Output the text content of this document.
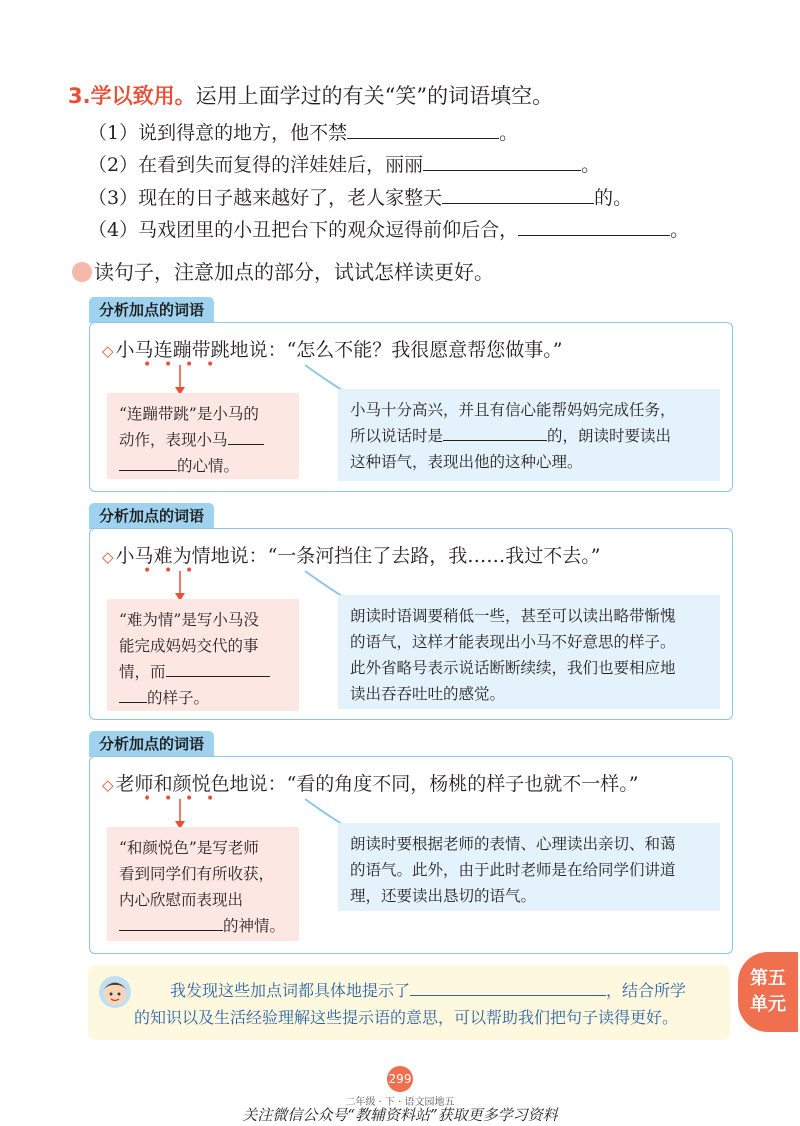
3.学以致用。运用上面学过的有关“笑”的词语填空。
（1）说到得意的地方，他不禁	。
（2）在看到失而复得的洋娃娃后，丽丽	。
（3）现在的日子越来越好了，老人家整天	的。
（4）马戏团里的小丑把台下的观众逗得前仰后合，	。
读句子，注意加点的部分，试试怎样读更好。
分析加点的词语
◇ 小马连蹦带跳地说：“怎么不能？我很愿意帮您做事。”
• • • •
“连蹦带跳”是小马的
动作，表现小马
的心情。
小马十分高兴，并且有信心能帮妈妈完成任务，
所以说话时是	的，朗读时要读出
这种语气，表现出他的这种心理。
分析加点的词语
◇ 小马难为情地说：“一条河挡住了去路，我……我过不去。”
• • •
“难为情”是写小马没
能完成妈妈交代的事
情，而
的样子。
朗读时语调要稍低一些，甚至可以读出略带惭愧
的语气，这样才能表现出小马不好意思的样子。
此外省略号表示说话断断续续，我们也要相应地
读出吞吞吐吐的感觉。
分析加点的词语
◇ 老师和颜悦色地说：“看的角度不同，杨桃的样子也就不一样。”
• • • •
“和颜悦色”是写老师
看到同学们有所收获，
内心欣慰而表现出
的神情。
朗读时要根据老师的表情、心理读出亲切、和蔼
的语气。此外，由于此时老师是在给同学们讲道
理，还要读出恳切的语气。
我发现这些加点词都具体地提示了	，结合所学
的知识以及生活经验理解这些提示语的意思，可以帮助我们把句子读得更好。
第五
单元
299
二年级 · 下 · 语文园地五
关注微信公众号“教辅资料站”获取更多学习资料
